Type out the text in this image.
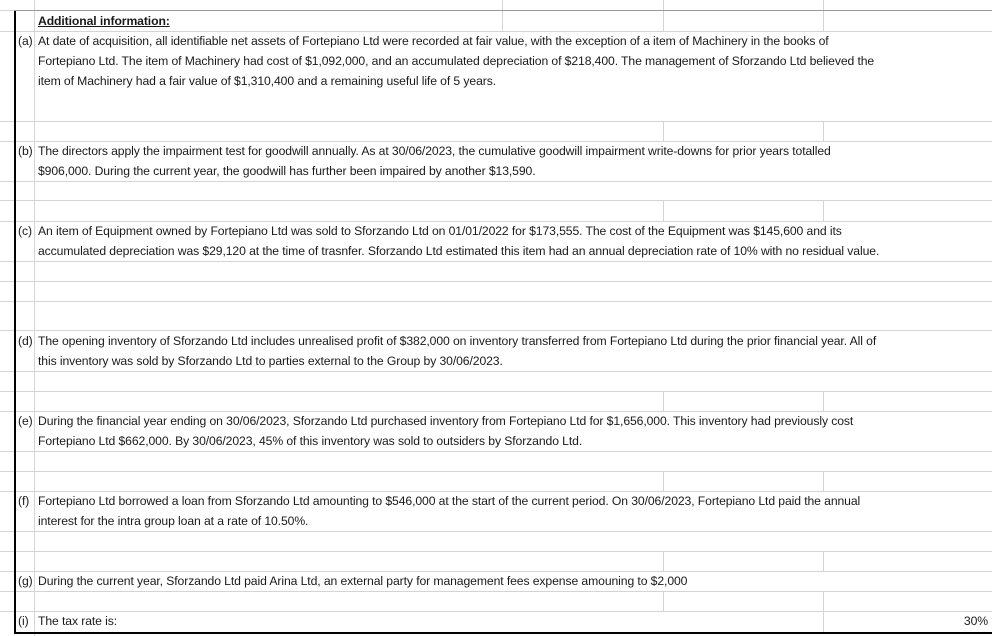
Additional information:
(a) At date of acquisition, all identifiable net assets of Fortepiano Ltd were recorded at fair value, with the exception of a item of Machinery in the books of
Fortepiano Ltd. The item of Machinery had cost of $1,092,000, and an accumulated depreciation of $218,400. The management of Sforzando Ltd believed the
item of Machinery had a fair value of $1,310,400 and a remaining useful life of 5 years.
(b) The directors apply the impairment test for goodwill annually. As at 30/06/2023, the cumulative goodwill impairment write-downs for prior years totalled
$906,000. During the current year, the goodwill has further been impaired by another $13,590.
(c) An item of Equipment owned by Fortepiano Ltd was sold to Sforzando Ltd on 01/01/2022 for $173,555. The cost of the Equipment was $145,600 and its
accumulated depreciation was $29,120 at the time of trasnfer. Sforzando Ltd estimated this item had an annual depreciation rate of 10% with no residual value.
(d) The opening inventory of Sforzando Ltd includes unrealised profit of $382,000 on inventory transferred from Fortepiano Ltd during the prior financial year. All of
this inventory was sold by Sforzando Ltd to parties external to the Group by 30/06/2023.
(e) During the financial year ending on 30/06/2023, Sforzando Ltd purchased inventory from Fortepiano Ltd for $1,656,000. This inventory had previously cost
Fortepiano Ltd $662,000. By 30/06/2023, 45% of this inventory was sold to outsiders by Sforzando Ltd.
(f) Fortepiano Ltd borrowed a loan from Sforzando Ltd amounting to $546,000 at the start of the current period. On 30/06/2023, Fortepiano Ltd paid the annual
interest for the intra group loan at a rate of 10.50%.
(g) During the current year, Sforzando Ltd paid Arina Ltd, an external party for management fees expense amouning to $2,000
(i) The tax rate is:	30%
